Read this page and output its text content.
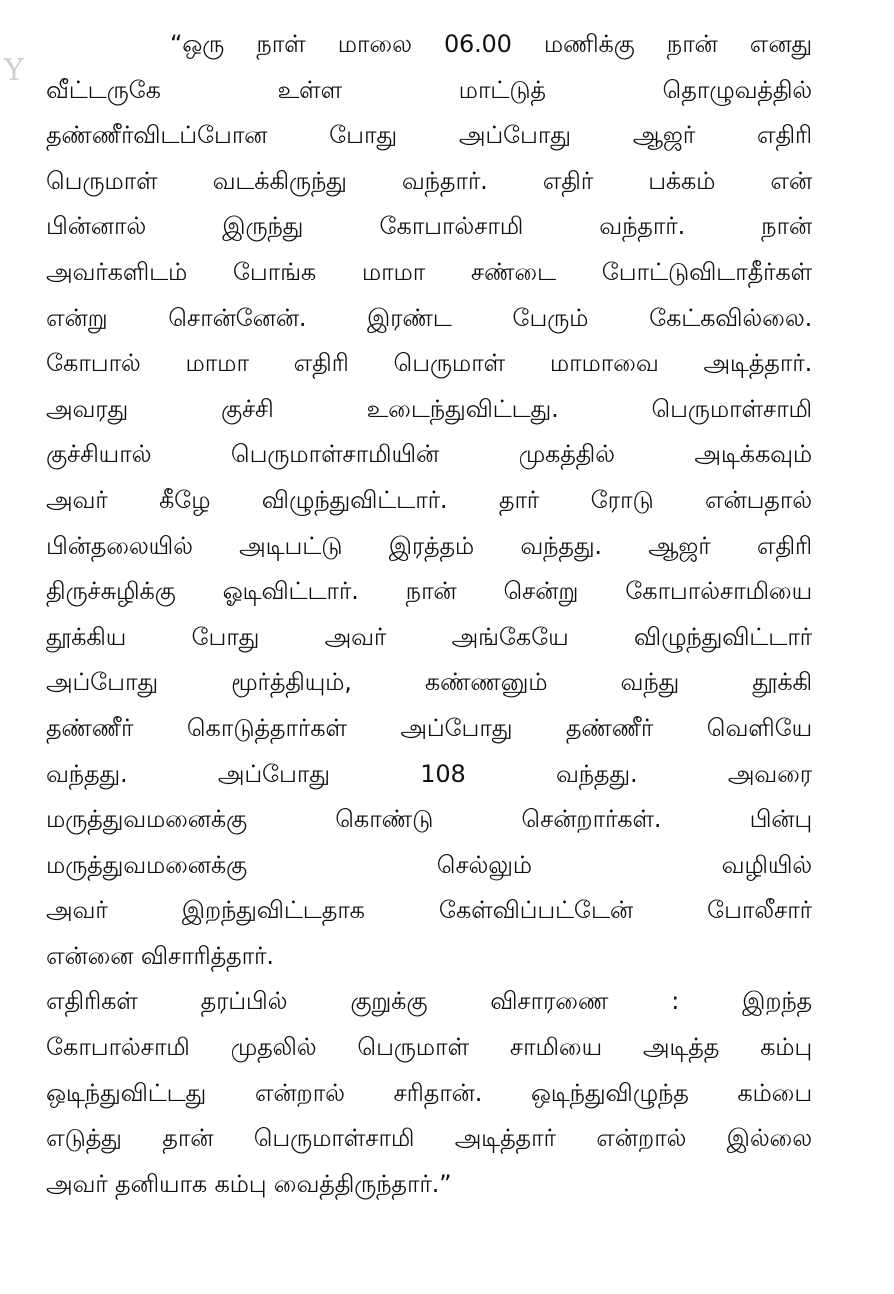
Y
“ஒரு நாள் மாலை 06.00 மணிக்கு நான் எனது
வீட்டருகே உள்ள மாட்டுத் தொழுவத்தில்
தண்ணீர்விடப்போன போது அப்போது ஆஜர் எதிரி
பெருமாள் வடக்கிருந்து வந்தார். எதிர் பக்கம் என்
பின்னால் இருந்து கோபால்சாமி வந்தார். நான்
அவர்களிடம் போங்க மாமா சண்டை போட்டுவிடாதீர்கள்
என்று சொன்னேன். இரண்ட பேரும் கேட்கவில்லை.
கோபால் மாமா எதிரி பெருமாள் மாமாவை அடித்தார்.
அவரது குச்சி உடைந்துவிட்டது. பெருமாள்சாமி
குச்சியால் பெருமாள்சாமியின் முகத்தில் அடிக்கவும்
அவர் கீழே விழுந்துவிட்டார். தார் ரோடு என்பதால்
பின்தலையில் அடிபட்டு இரத்தம் வந்தது. ஆஜர் எதிரி
திருச்சுழிக்கு ஓடிவிட்டார். நான் சென்று கோபால்சாமியை
தூக்கிய போது அவர் அங்கேயே விழுந்துவிட்டார்
அப்போது மூர்த்தியும், கண்ணனும் வந்து தூக்கி
தண்ணீர் கொடுத்தார்கள் அப்போது தண்ணீர் வெளியே
வந்தது. அப்போது 108 வந்தது. அவரை
மருத்துவமனைக்கு கொண்டு சென்றார்கள். பின்பு
மருத்துவமனைக்கு செல்லும் வழியில்
அவர் இறந்துவிட்டதாக கேள்விப்பட்டேன் போலீசார்
என்னை விசாரித்தார்.
எதிரிகள் தரப்பில் குறுக்கு விசாரணை : இறந்த
கோபால்சாமி முதலில் பெருமாள் சாமியை அடித்த கம்பு
ஒடிந்துவிட்டது என்றால் சரிதான். ஒடிந்துவிழுந்த கம்பை
எடுத்து தான் பெருமாள்சாமி அடித்தார் என்றால் இல்லை
அவர் தனியாக கம்பு வைத்திருந்தார்.”
